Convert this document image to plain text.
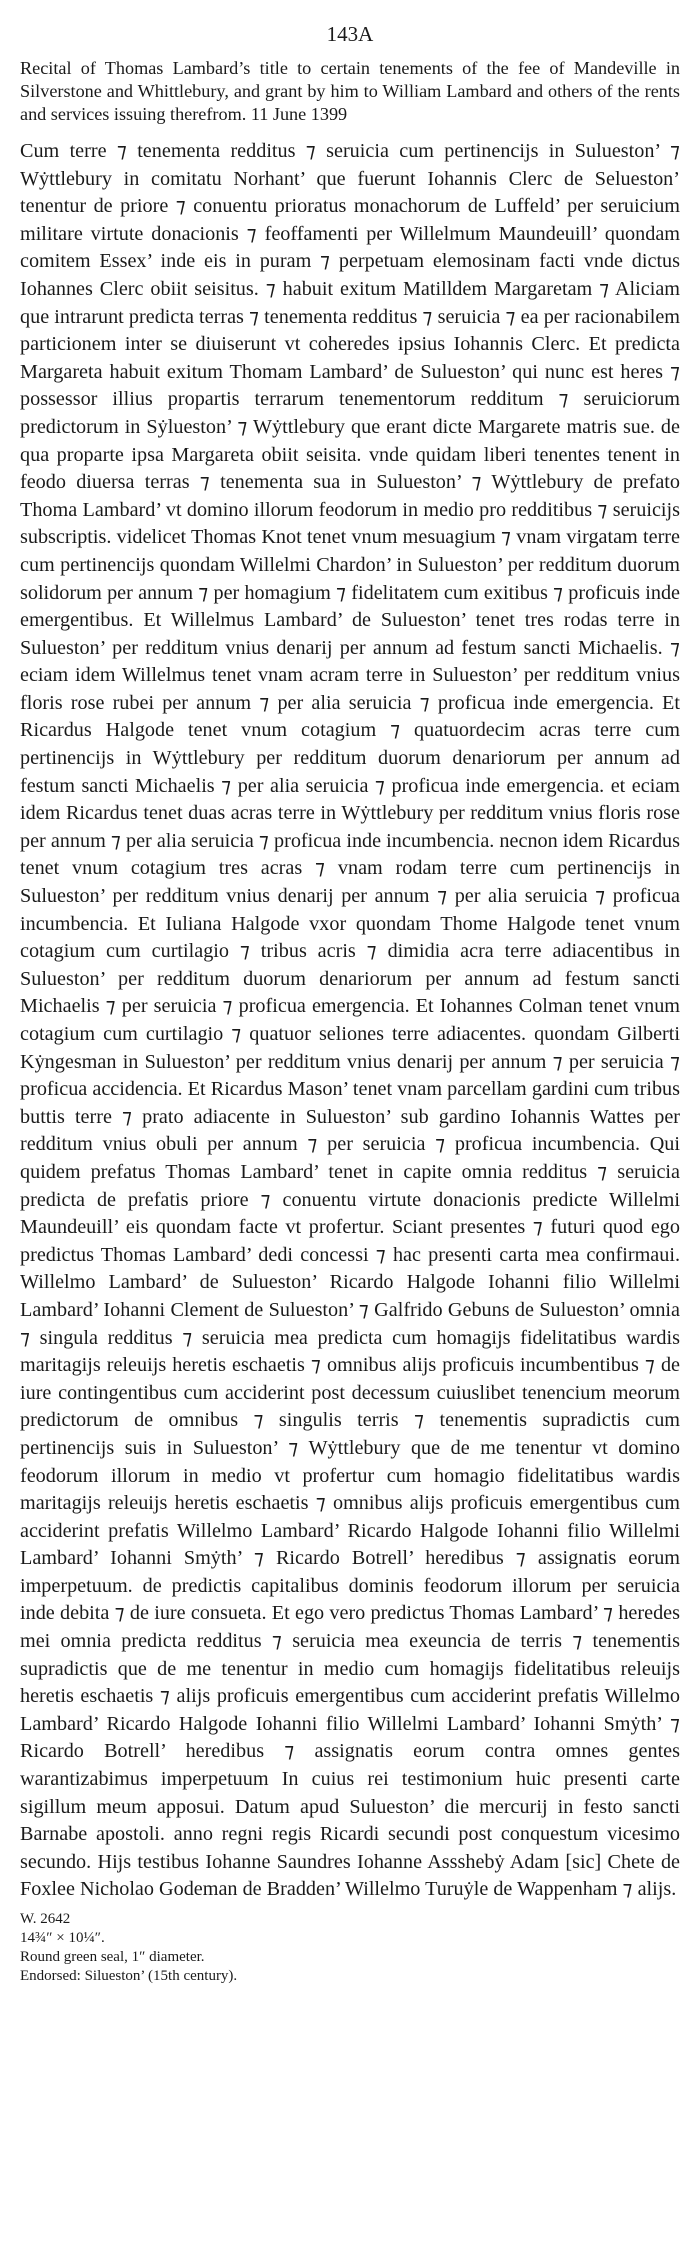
143A

Recital of Thomas Lambard’s title to certain tenements of the fee of Mandeville in Silverstone and Whittlebury, and grant by him to William Lambard and others of the rents and services issuing therefrom. 11 June 1399

Cum terre ⁊ tenementa redditus ⁊ seruicia cum pertinencijs in Sulueston’ ⁊ Wẏttlebury in comitatu Norhant’ que fuerunt Iohannis Clerc de Selueston’ tenentur de priore ⁊ conuentu prioratus monachorum de Luffeld’ per seruicium militare virtute donacionis ⁊ feoffamenti per Willelmum Maundeuill’ quondam comitem Essex’ inde eis in puram ⁊ perpetuam elemosinam facti vnde dictus Iohannes Clerc obiit seisitus. ⁊ habuit exitum Matilldem Margaretam ⁊ Aliciam que intrarunt predicta terras ⁊ tenementa redditus ⁊ seruicia ⁊ ea per racionabilem particionem inter se diuiserunt vt coheredes ipsius Iohannis Clerc. Et predicta Margareta habuit exitum Thomam Lambard’ de Sulueston’ qui nunc est heres ⁊ possessor illius propartis terrarum tenementorum redditum ⁊ seruiciorum predictorum in Sẏlueston’ ⁊ Wẏttlebury que erant dicte Margarete matris sue. de qua proparte ipsa Margareta obiit seisita. vnde quidam liberi tenentes tenent in feodo diuersa terras ⁊ tenementa sua in Sulueston’ ⁊ Wẏttlebury de prefato Thoma Lambard’ vt domino illorum feodorum in medio pro redditibus ⁊ seruicijs subscriptis. videlicet Thomas Knot tenet vnum mesuagium ⁊ vnam virgatam terre cum pertinencijs quondam Willelmi Chardon’ in Sulueston’ per redditum duorum solidorum per annum ⁊ per homagium ⁊ fidelitatem cum exitibus ⁊ proficuis inde emergentibus. Et Willelmus Lambard’ de Sulueston’ tenet tres rodas terre in Sulueston’ per redditum vnius denarij per annum ad festum sancti Michaelis. ⁊ eciam idem Willelmus tenet vnam acram terre in Sulueston’ per redditum vnius floris rose rubei per annum ⁊ per alia seruicia ⁊ proficua inde emergencia. Et Ricardus Halgode tenet vnum cotagium ⁊ quatuordecim acras terre cum pertinencijs in Wẏttlebury per redditum duorum denariorum per annum ad festum sancti Michaelis ⁊ per alia seruicia ⁊ proficua inde emergencia. et eciam idem Ricardus tenet duas acras terre in Wẏttlebury per redditum vnius floris rose per annum ⁊ per alia seruicia ⁊ proficua inde incumbencia. necnon idem Ricardus tenet vnum cotagium tres acras ⁊ vnam rodam terre cum pertinencijs in Sulueston’ per redditum vnius denarij per annum ⁊ per alia seruicia ⁊ proficua incumbencia. Et Iuliana Halgode vxor quondam Thome Halgode tenet vnum cotagium cum curtilagio ⁊ tribus acris ⁊ dimidia acra terre adiacentibus in Sulueston’ per redditum duorum denariorum per annum ad festum sancti Michaelis ⁊ per seruicia ⁊ proficua emergencia. Et Iohannes Colman tenet vnum cotagium cum curtilagio ⁊ quatuor seliones terre adiacentes. quondam Gilberti Kẏngesman in Sulueston’ per redditum vnius denarij per annum ⁊ per seruicia ⁊ proficua accidencia. Et Ricardus Mason’ tenet vnam parcellam gardini cum tribus buttis terre ⁊ prato adiacente in Sulueston’ sub gardino Iohannis Wattes per redditum vnius obuli per annum ⁊ per seruicia ⁊ proficua incumbencia. Qui quidem prefatus Thomas Lambard’ tenet in capite omnia redditus ⁊ seruicia predicta de prefatis priore ⁊ conuentu virtute donacionis predicte Willelmi Maundeuill’ eis quondam facte vt profertur. Sciant presentes ⁊ futuri quod ego predictus Thomas Lambard’ dedi concessi ⁊ hac presenti carta mea confirmaui. Willelmo Lambard’ de Sulueston’ Ricardo Halgode Iohanni filio Willelmi Lambard’ Iohanni Clement de Sulueston’ ⁊ Galfrido Gebuns de Sulueston’ omnia ⁊ singula redditus ⁊ seruicia mea predicta cum homagijs fidelitatibus wardis maritagijs releuijs heretis eschaetis ⁊ omnibus alijs proficuis incumbentibus ⁊ de iure contingentibus cum acciderint post decessum cuiuslibet tenencium meorum predictorum de omnibus ⁊ singulis terris ⁊ tenementis supradictis cum pertinencijs suis in Sulueston’ ⁊ Wẏttlebury que de me tenentur vt domino feodorum illorum in medio vt profertur cum homagio fidelitatibus wardis maritagijs releuijs heretis eschaetis ⁊ omnibus alijs proficuis emergentibus cum acciderint prefatis Willelmo Lambard’ Ricardo Halgode Iohanni filio Willelmi Lambard’ Iohanni Smẏth’ ⁊ Ricardo Botrell’ heredibus ⁊ assignatis eorum imperpetuum. de predictis capitalibus dominis feodorum illorum per seruicia inde debita ⁊ de iure consueta. Et ego vero predictus Thomas Lambard’ ⁊ heredes mei omnia predicta redditus ⁊ seruicia mea exeuncia de terris ⁊ tenementis supradictis que de me tenentur in medio cum homagijs fidelitatibus releuijs heretis eschaetis ⁊ alijs proficuis emergentibus cum acciderint prefatis Willelmo Lambard’ Ricardo Halgode Iohanni filio Willelmi Lambard’ Iohanni Smẏth’ ⁊ Ricardo Botrell’ heredibus ⁊ assignatis eorum contra omnes gentes warantizabimus imperpetuum In cuius rei testimonium huic presenti carte sigillum meum apposui. Datum apud Sulueston’ die mercurij in festo sancti Barnabe apostoli. anno regni regis Ricardi secundi post conquestum vicesimo secundo. Hijs testibus Iohanne Saundres Iohanne Assshebẏ Adam [sic] Chete de Foxlee Nicholao Godeman de Bradden’ Willelmo Turuẏle de Wappenham ⁊ alijs.

W. 2642
14¾″ × 10¼″.
Round green seal, 1″ diameter.
Endorsed: Silueston’ (15th century).
